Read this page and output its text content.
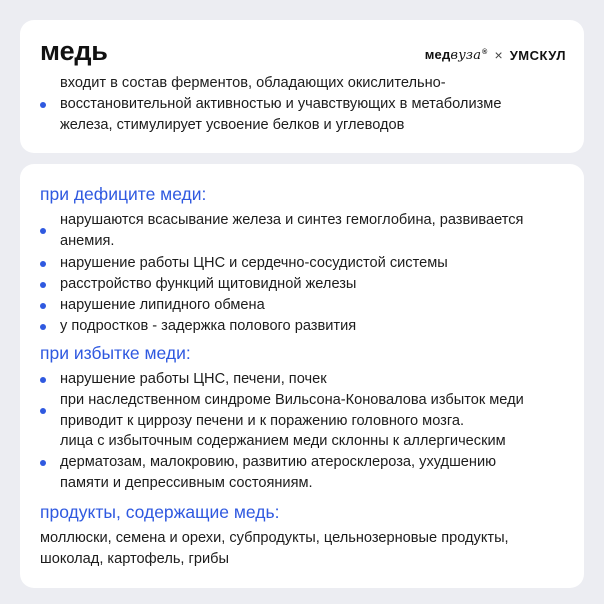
медь	медвуза® × УМСКУЛ
входит в состав ферментов, обладающих окислительно-
восстановительной активностью и учавствующих в метаболизме
железа, стимулирует усвоение белков и углеводов
при дефиците меди:
нарушаются всасывание железа и синтез гемоглобина, развивается
анемия.
нарушение работы ЦНС и сердечно-сосудистой системы
расстройство функций щитовидной железы
нарушение липидного обмена
у подростков - задержка полового развития
при избытке меди:
нарушение работы ЦНС, печени, почек
при наследственном синдроме Вильсона-Коновалова избыток меди
приводит к циррозу печени и к поражению головного мозга.
лица с избыточным содержанием меди склонны к аллергическим
дерматозам, малокровию, развитию атеросклероза, ухудшению
памяти и депрессивным состояниям.
продукты, содержащие медь:
моллюски, семена и орехи, субпродукты, цельнозерновые продукты,
шоколад, картофель, грибы
